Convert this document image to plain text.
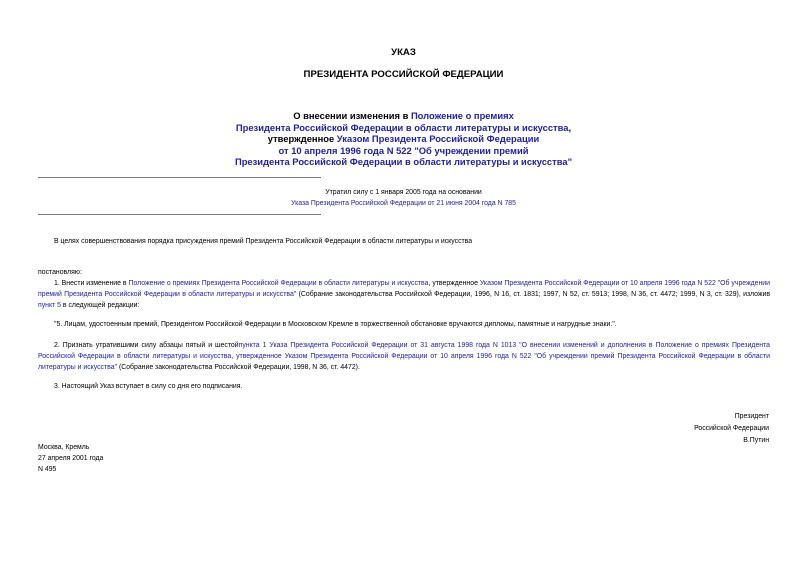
УКАЗ
ПРЕЗИДЕНТА РОССИЙСКОЙ ФЕДЕРАЦИИ
О внесении изменения в Положение о премиях
Президента Российской Федерации в области литературы и искусства,
утвержденное Указом Президента Российской Федерации
от 10 апреля 1996 года N 522 "Об учреждении премий
Президента Российской Федерации в области литературы и искусства"
Утратил силу с 1 января 2005 года на основании
Указа Президента Российской Федерации от 21 июня 2004 года N 785
В целях совершенствования порядка присуждения премий Президента Российской Федерации в области литературы и искусства
постановляю:
1. Внести изменение в Положение о премиях Президента Российской Федерации в области литературы и искусства, утвержденное Указом Президента Российской Федерации от 10 апреля 1996 года N 522 "Об учреждении премий Президента Российской Федерации в области литературы и искусства" (Собрание законодательства Российской Федерации, 1996, N 16, ст. 1831; 1997, N 52, ст. 5913; 1998, N 36, ст. 4472; 1999, N 3, ст. 329), изложив пункт 5 в следующей редакции:
"5. Лицам, удостоенным премий, Президентом Российской Федерации в Московском Кремле в торжественной обстановке вручаются дипломы, памятные и нагрудные знаки.".
2. Признать утратившими силу абзацы пятый и шестойпункта 1 Указа Президента Российской Федерации от 31 августа 1998 года N 1013 "О внесении изменений и дополнения в Положение о премиях Президента Российской Федерации в области литературы и искусства, утвержденное Указом Президента Российской Федерации от 10 апреля 1996 года N 522 "Об учреждении премий Президента Российской Федерации в области литературы и искусства" (Собрание законодательства Российской Федерации, 1998, N 36, ст. 4472).
3. Настоящий Указ вступает в силу со дня его подписания.
Президент
Российской Федерации
В.Путин
Москва, Кремль
27 апреля 2001 года
N 495
